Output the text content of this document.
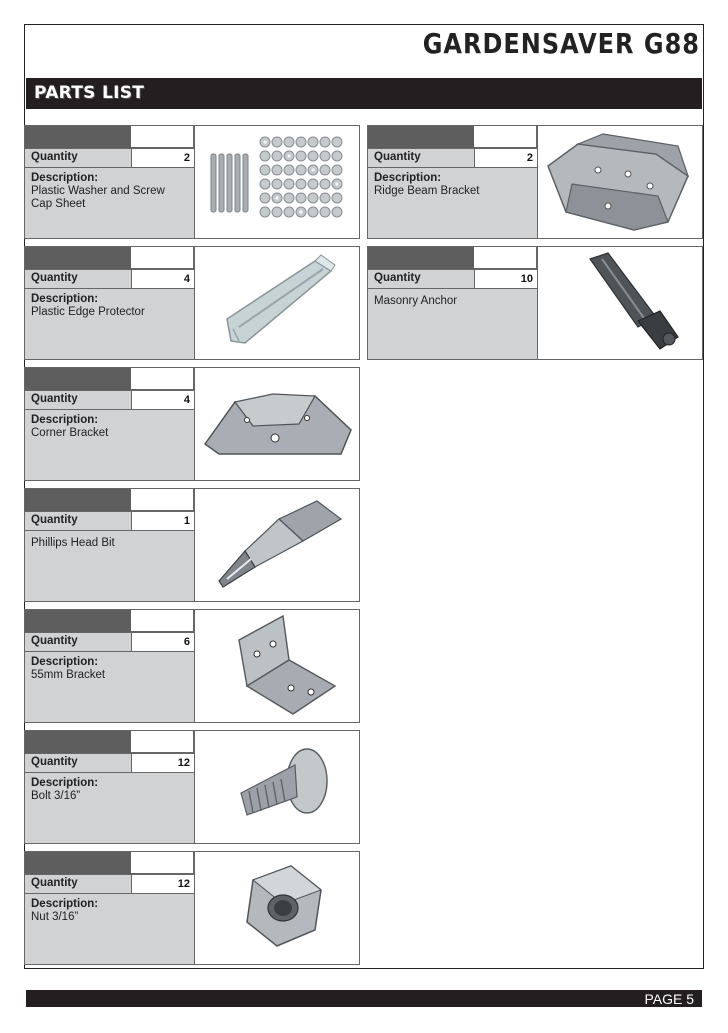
GARDENSAVER G88
PARTS LIST
Quantity	2
Description:
Plastic Washer and Screw Cap Sheet
Quantity	2
Description:
Ridge Beam Bracket
Quantity	4
Description:
Plastic Edge Protector
Quantity	10
Masonry Anchor
Quantity	4
Description:
Corner Bracket
Quantity	1
Phillips Head Bit
Quantity	6
Description:
55mm Bracket
Quantity	12
Description:
Bolt 3/16”
Quantity	12
Description:
Nut 3/16”
PAGE 5
